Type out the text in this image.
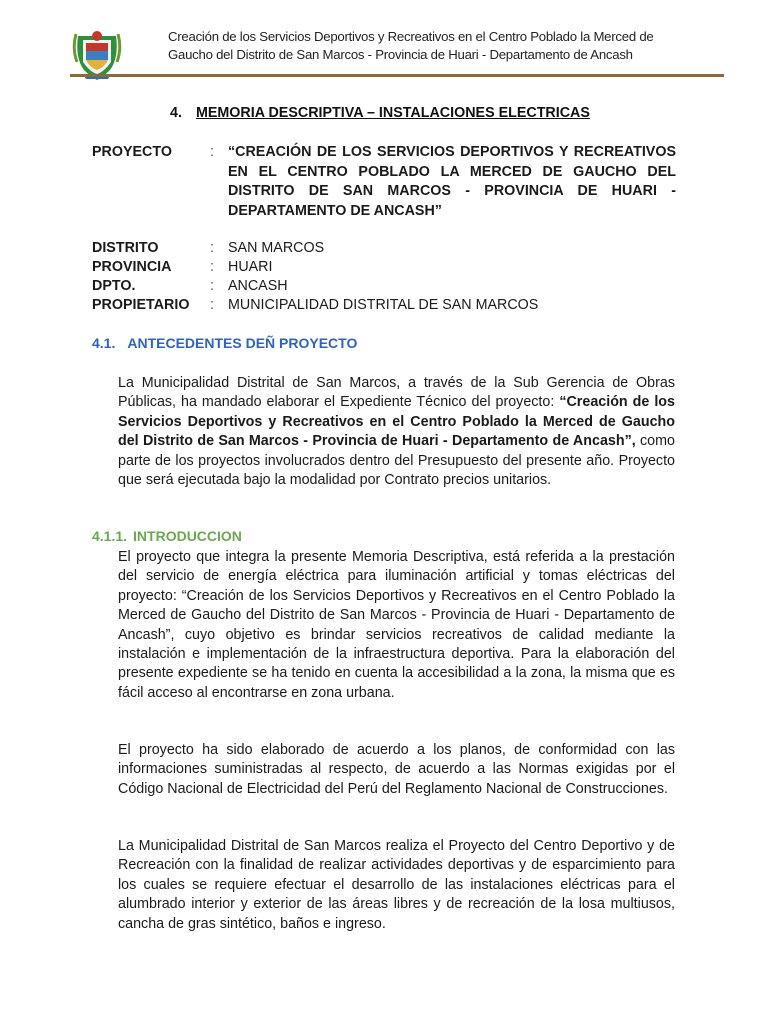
Creación de los Servicios Deportivos y Recreativos en el Centro Poblado la Merced de
Gaucho del Distrito de San Marcos - Provincia de Huari - Departamento de Ancash
4. MEMORIA DESCRIPTIVA – INSTALACIONES ELECTRICAS
PROYECTO	: “CREACIÓN DE LOS SERVICIOS DEPORTIVOS Y RECREATIVOS EN EL CENTRO POBLADO LA MERCED DE GAUCHO DEL DISTRITO DE SAN MARCOS - PROVINCIA DE HUARI - DEPARTAMENTO DE ANCASH”
DISTRITO	: SAN MARCOS
PROVINCIA	: HUARI
DPTO.	: ANCASH
PROPIETARIO	: MUNICIPALIDAD DISTRITAL DE SAN MARCOS
4.1. ANTECEDENTES DEÑ PROYECTO
La Municipalidad Distrital de San Marcos, a través de la Sub Gerencia de Obras Públicas, ha mandado elaborar el Expediente Técnico del proyecto: “Creación de los Servicios Deportivos y Recreativos en el Centro Poblado la Merced de Gaucho del Distrito de San Marcos - Provincia de Huari - Departamento de Ancash”, como parte de los proyectos involucrados dentro del Presupuesto del presente año. Proyecto que será ejecutada bajo la modalidad por Contrato precios unitarios.
4.1.1. INTRODUCCION
El proyecto que integra la presente Memoria Descriptiva, está referida a la prestación del servicio de energía eléctrica para iluminación artificial y tomas eléctricas del proyecto: “Creación de los Servicios Deportivos y Recreativos en el Centro Poblado la Merced de Gaucho del Distrito de San Marcos - Provincia de Huari - Departamento de Ancash”, cuyo objetivo es brindar servicios recreativos de calidad mediante la instalación e implementación de la infraestructura deportiva. Para la elaboración del presente expediente se ha tenido en cuenta la accesibilidad a la zona, la misma que es fácil acceso al encontrarse en zona urbana.
El proyecto ha sido elaborado de acuerdo a los planos, de conformidad con las informaciones suministradas al respecto, de acuerdo a las Normas exigidas por el Código Nacional de Electricidad del Perú del Reglamento Nacional de Construcciones.
La Municipalidad Distrital de San Marcos realiza el Proyecto del Centro Deportivo y de Recreación con la finalidad de realizar actividades deportivas y de esparcimiento para los cuales se requiere efectuar el desarrollo de las instalaciones eléctricas para el alumbrado interior y exterior de las áreas libres y de recreación de la losa multiusos, cancha de gras sintético, baños e ingreso.
